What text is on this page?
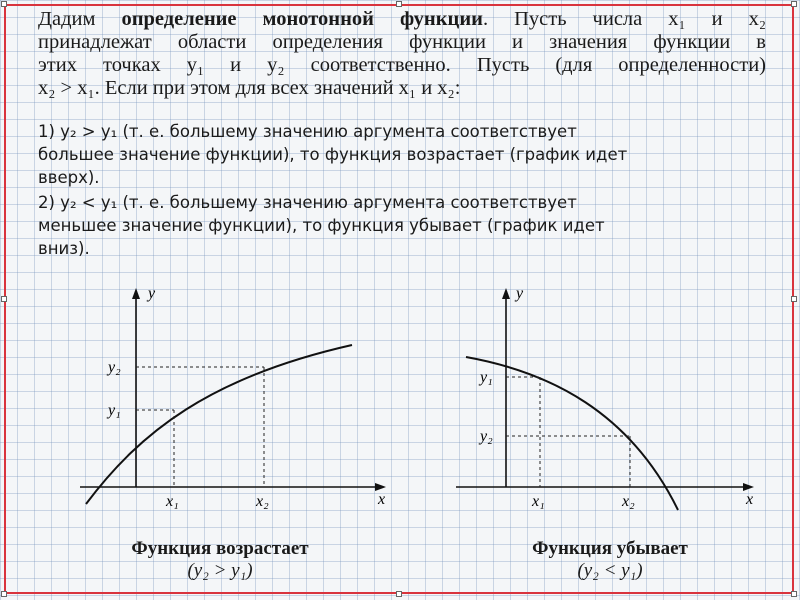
Дадим определение монотонной функции. Пусть числа x₁ и x₂

принадлежат области определения функции и значения функции в

этих точках y₁ и y₂ соответственно. Пусть (для определенности)

x₂ > x₁. Если при этом для всех значений x₁ и x₂:

1) y₂ > y₁ (т. е. большему значению аргумента соответствует
большее значение функции), то функция возрастает (график идет
вверх).

2) y₂ < y₁ (т. е. большему значению аргумента соответствует
меньшее значение функции), то функция убывает (график идет
вниз).

y
x
y₂
y₁
x₁	x₂
y
x
y₁
y₂
x₁	x₂
Функция возрастает
(y₂ > y₁)
Функция убывает
(y₂ < y₁)
